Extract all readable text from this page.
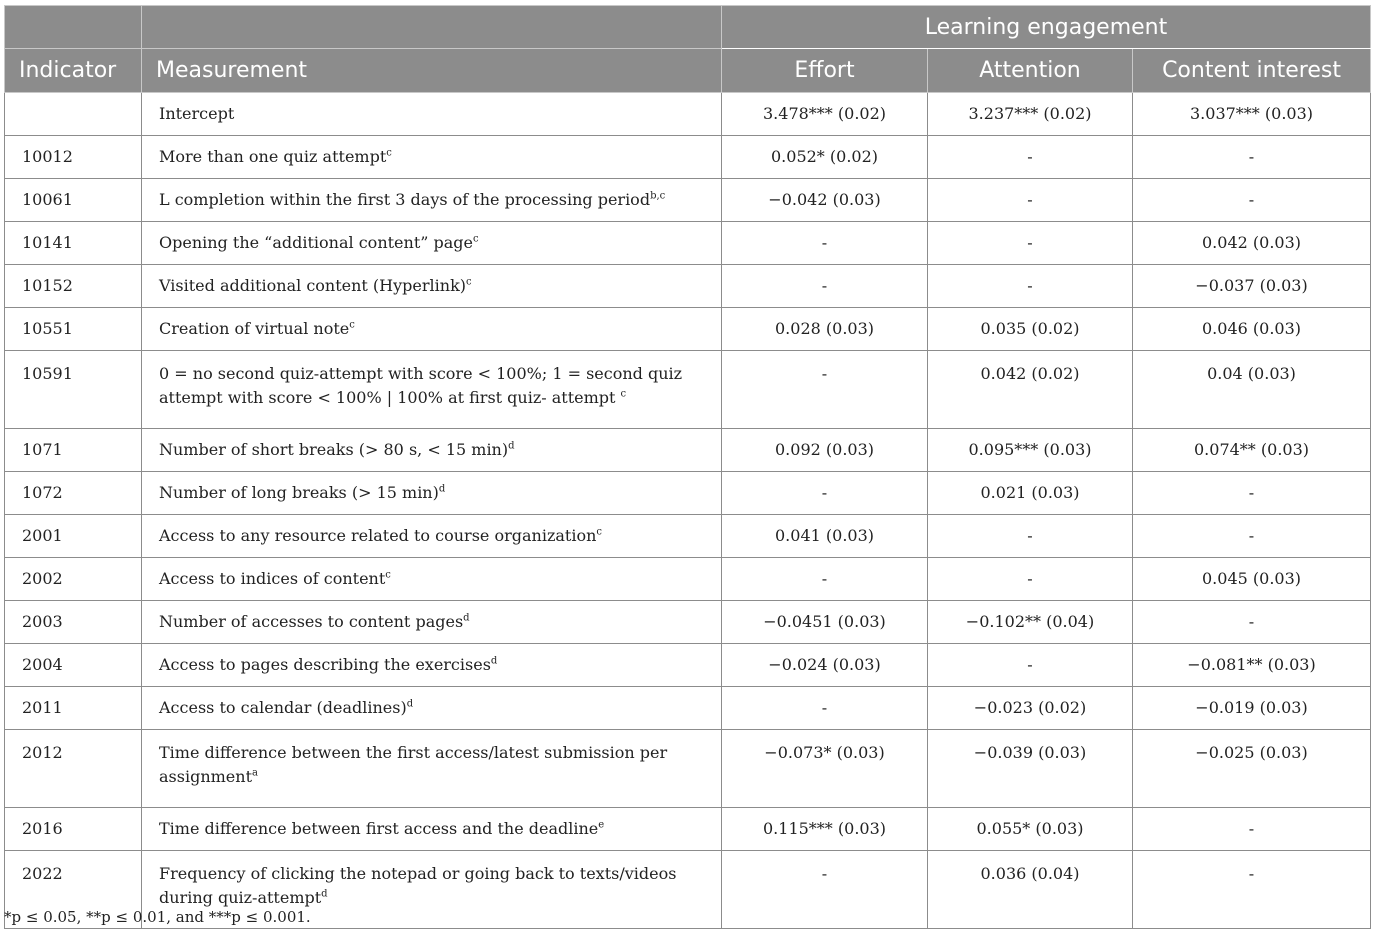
		Learning engagement		
Indicator	Measurement	Effort	Attention	Content interest
	Intercept	3.478*** (0.02)	3.237*** (0.02)	3.037*** (0.03)
10012	More than one quiz attempt$^c$	0.052* (0.02)	-	-
10061	L completion within the first 3 days of the processing period$^{b,c}$	−0.042 (0.03)	-	-
10141	Opening the “additional content” page$^c$	-	-	0.042 (0.03)
10152	Visited additional content (Hyperlink)$^c$	-	-	−0.037 (0.03)
10551	Creation of virtual note$^c$	0.028 (0.03)	0.035 (0.02)	0.046 (0.03)
10591	0 = no second quiz-attempt with score < 100%; 1 = second quiz attempt with score < 100% | 100% at first quiz- attempt $^c$	-	0.042 (0.02)	0.04 (0.03)
1071	Number of short breaks (> 80 s, < 15 min)$^d$	0.092 (0.03)	0.095*** (0.03)	0.074** (0.03)
1072	Number of long breaks (> 15 min)$^d$	-	0.021 (0.03)	-
2001	Access to any resource related to course organization$^c$	0.041 (0.03)	-	-
2002	Access to indices of content$^c$	-	-	0.045 (0.03)
2003	Number of accesses to content pages$^d$	−0.0451 (0.03)	−0.102** (0.04)	-
2004	Access to pages describing the exercises$^d$	−0.024 (0.03)	-	−0.081** (0.03)
2011	Access to calendar (deadlines)$^d$	-	−0.023 (0.02)	−0.019 (0.03)
2012	Time difference between the first access/latest submission per assignment$^a$	−0.073* (0.03)	−0.039 (0.03)	−0.025 (0.03)
2016	Time difference between first access and the deadline$^e$	0.115*** (0.03)	0.055* (0.03)	-
2022	Frequency of clicking the notepad or going back to texts/videos during quiz-attempt$^d$	-	0.036 (0.04)	-
*p ≤ 0.05, **p ≤ 0.01, and ***p ≤ 0.001.
